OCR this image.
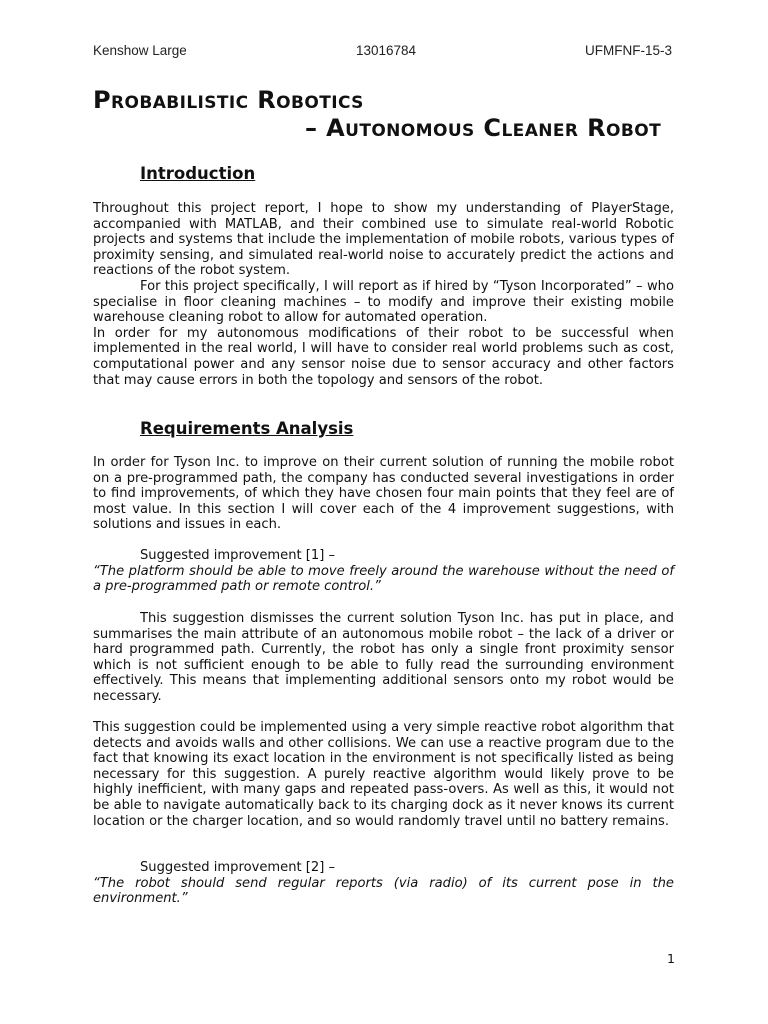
Kenshow Large	13016784	UFMFNF-15-3
Probabilistic Robotics
– Autonomous Cleaner Robot
Introduction

Throughout this project report, I hope to show my understanding of PlayerStage, accompanied with MATLAB, and their combined use to simulate real-world Robotic projects and systems that include the implementation of mobile robots, various types of proximity sensing, and simulated real-world noise to accurately predict the actions and reactions of the robot system.

For this project specifically, I will report as if hired by “Tyson Incorporated” – who specialise in floor cleaning machines – to modify and improve their existing mobile warehouse cleaning robot to allow for automated operation.

In order for my autonomous modifications of their robot to be successful when implemented in the real world, I will have to consider real world problems such as cost, computational power and any sensor noise due to sensor accuracy and other factors that may cause errors in both the topology and sensors of the robot.

Requirements Analysis

In order for Tyson Inc. to improve on their current solution of running the mobile robot on a pre-programmed path, the company has conducted several investigations in order to find improvements, of which they have chosen four main points that they feel are of most value. In this section I will cover each of the 4 improvement suggestions, with solutions and issues in each.

Suggested improvement [1] –

“The platform should be able to move freely around the warehouse without the need of a pre-programmed path or remote control.”

This suggestion dismisses the current solution Tyson Inc. has put in place, and summarises the main attribute of an autonomous mobile robot – the lack of a driver or hard programmed path. Currently, the robot has only a single front proximity sensor which is not sufficient enough to be able to fully read the surrounding environment effectively. This means that implementing additional sensors onto my robot would be necessary.

This suggestion could be implemented using a very simple reactive robot algorithm that detects and avoids walls and other collisions. We can use a reactive program due to the fact that knowing its exact location in the environment is not specifically listed as being necessary for this suggestion. A purely reactive algorithm would likely prove to be highly inefficient, with many gaps and repeated pass-overs. As well as this, it would not be able to navigate automatically back to its charging dock as it never knows its current location or the charger location, and so would randomly travel until no battery remains.

Suggested improvement [2] –

“The robot should send regular reports (via radio) of its current pose in the environment.”

1
